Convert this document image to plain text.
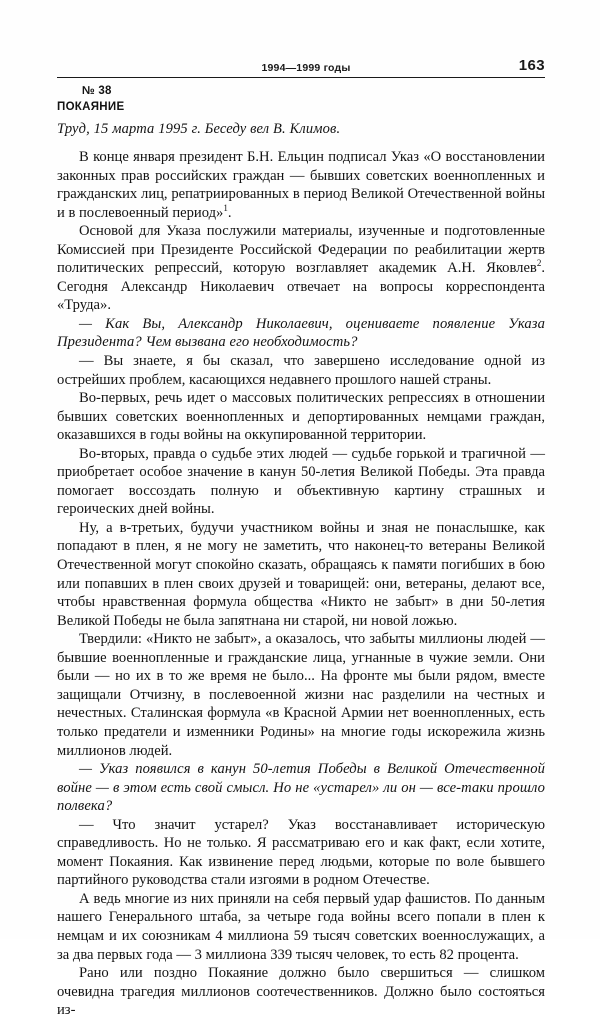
1994—1999 годы	163
№ 38
ПОКАЯНИЕ
Труд, 15 марта 1995 г. Беседу вел В. Климов.

В конце января президент Б.Н. Ельцин подписал Указ «О восстановлении законных прав российских граждан — бывших советских военнопленных и гражданских лиц, репатриированных в период Великой Отечественной войны и в послевоенный период»$^1$.

Основой для Указа послужили материалы, изученные и подготовленные Комиссией при Президенте Российской Федерации по реабилитации жертв политических репрессий, которую возглавляет академик А.Н. Яковлев$^2$. Сегодня Александр Николаевич отвечает на вопросы корреспондента «Труда».

— Как Вы, Александр Николаевич, оцениваете появление Указа Президента? Чем вызвана его необходимость?

— Вы знаете, я бы сказал, что завершено исследование одной из острейших проблем, касающихся недавнего прошлого нашей страны.

Во-первых, речь идет о массовых политических репрессиях в отношении бывших советских военнопленных и депортированных немцами граждан, оказавшихся в годы войны на оккупированной территории.

Во-вторых, правда о судьбе этих людей — судьбе горькой и трагичной — приобретает особое значение в канун 50-летия Великой Победы. Эта правда помогает воссоздать полную и объективную картину страшных и героических дней войны.

Ну, а в-третьих, будучи участником войны и зная не понаслышке, как попадают в плен, я не могу не заметить, что наконец-то ветераны Великой Отечественной могут спокойно сказать, обращаясь к памяти погибших в бою или попавших в плен своих друзей и товарищей: они, ветераны, делают все, чтобы нравственная формула общества «Никто не забыт» в дни 50-летия Великой Победы не была запятнана ни старой, ни новой ложью.

Твердили: «Никто не забыт», а оказалось, что забыты миллионы людей — бывшие военнопленные и гражданские лица, угнанные в чужие земли. Они были — но их в то же время не было... На фронте мы были рядом, вместе защищали Отчизну, в послевоенной жизни нас разделили на честных и нечестных. Сталинская формула «в Красной Армии нет военнопленных, есть только предатели и изменники Родины» на многие годы искорежила жизнь миллионов людей.

— Указ появился в канун 50-летия Победы в Великой Отечественной войне — в этом есть свой смысл. Но не «устарел» ли он — все-таки прошло полвека?

— Что значит устарел? Указ восстанавливает историческую справедливость. Но не только. Я рассматриваю его и как факт, если хотите, момент Покаяния. Как извинение перед людьми, которые по воле бывшего партийного руководства стали изгоями в родном Отечестве.

А ведь многие из них приняли на себя первый удар фашистов. По данным нашего Генерального штаба, за четыре года войны всего попали в плен к немцам и их союзникам 4 миллиона 59 тысяч советских военнослужащих, а за два первых года — 3 миллиона 339 тысяч человек, то есть 82 процента.

Рано или поздно Покаяние должно было свершиться — слишком очевидна трагедия миллионов соотечественников. Должно было состояться из-
